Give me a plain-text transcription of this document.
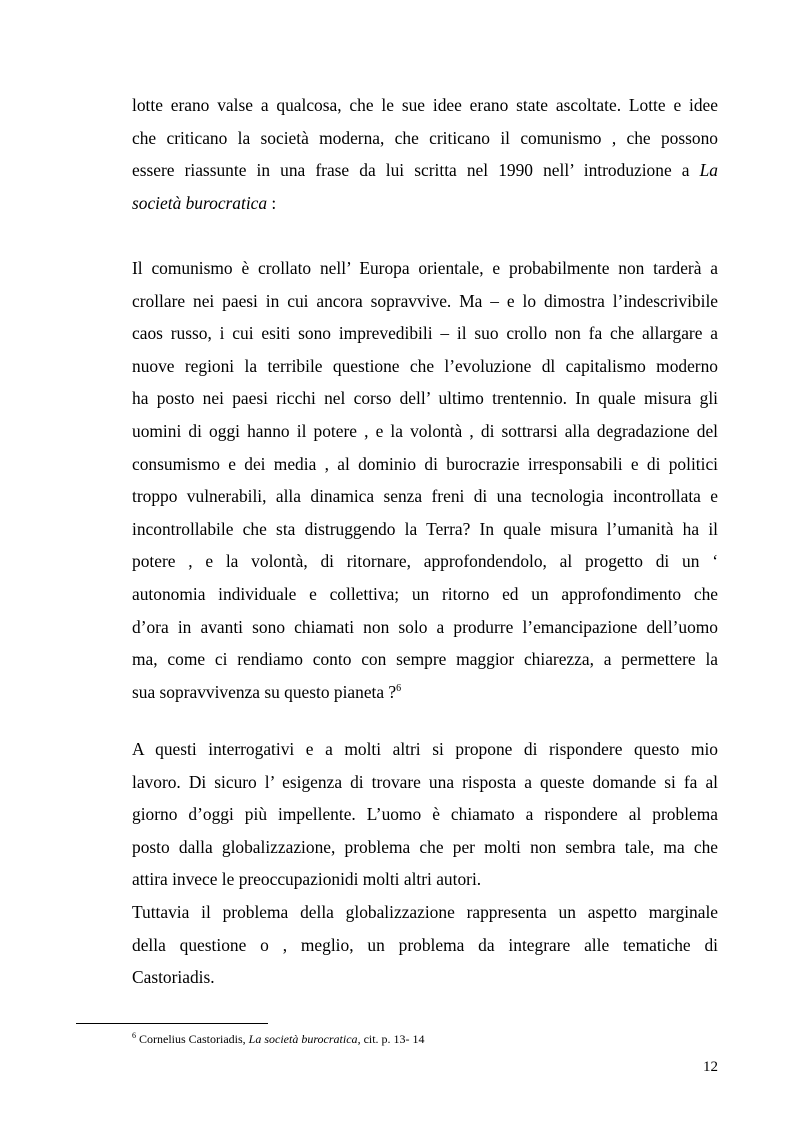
lotte erano valse a qualcosa, che le sue idee erano state ascoltate. Lotte e idee
che criticano la società moderna, che criticano il comunismo , che possono
essere riassunte in una frase da lui scritta nel 1990 nell’ introduzione a La
società burocratica :
Il comunismo è crollato nell’ Europa orientale, e probabilmente non tarderà a
crollare nei paesi in cui ancora sopravvive. Ma – e lo dimostra l’indescrivibile
caos russo, i cui esiti sono imprevedibili – il suo crollo non fa che allargare a
nuove regioni la terribile questione che l’evoluzione dl capitalismo moderno
ha posto nei paesi ricchi nel corso dell’ ultimo trentennio. In quale misura gli
uomini di oggi hanno il potere , e la volontà , di sottrarsi alla degradazione del
consumismo e dei media , al dominio di burocrazie irresponsabili e di politici
troppo vulnerabili, alla dinamica senza freni di una tecnologia incontrollata e
incontrollabile che sta distruggendo la Terra? In quale misura l’umanità ha il
potere , e la volontà, di ritornare, approfondendolo, al progetto di un ‘
autonomia individuale e collettiva; un ritorno ed un approfondimento che
d’ora in avanti sono chiamati non solo a produrre l’emancipazione dell’uomo
ma, come ci rendiamo conto con sempre maggior chiarezza, a permettere la
sua sopravvivenza su questo pianeta ?$^6$
A questi interrogativi e a molti altri si propone di rispondere questo mio
lavoro. Di sicuro l’ esigenza di trovare una risposta a queste domande si fa al
giorno d’oggi più impellente. L’uomo è chiamato a rispondere al problema
posto dalla globalizzazione, problema che per molti non sembra tale, ma che
attira invece le preoccupazionidi molti altri autori.
Tuttavia il problema della globalizzazione rappresenta un aspetto marginale
della questione o , meglio, un problema da integrare alle tematiche di
Castoriadis.
$^6$ Cornelius Castoriadis, La società burocratica, cit. p. 13- 14
12
